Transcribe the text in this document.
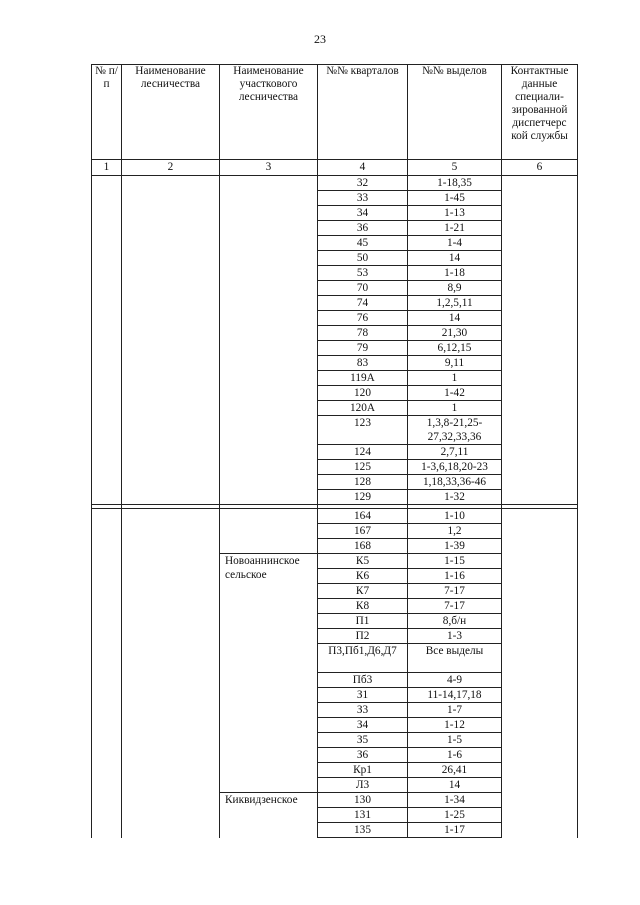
23
№ п/п	Наименование лесничества	Наименование участкового лесничества	№№ кварталов	№№ выделов	Контактные данные специали-зированной диспетчерс кой службы
1	2	3	4	5	6
			32	1-18,35	
			33	1-45	
			34	1-13	
			36	1-21	
			45	1-4	
			50	14	
			53	1-18	
			70	8,9	
			74	1,2,5,11	
			76	14	
			78	21,30	
			79	6,12,15	
			83	9,11	
			119А	1	
			120	1-42	
			120А	1	
			123	1,3,8-21,25-27,32,33,36	
			124	2,7,11	
			125	1-3,6,18,20-23	
			128	1,18,33,36-46	
			129	1-32	

			164	1-10	
			167	1,2	
			168	1-39	
		Новоаннинское сельское	К5	1-15	
			К6	1-16	
			К7	7-17	
			К8	7-17	
			П1	8,б/н	
			П2	1-3	
			П3,Пб1,Д6,Д7	Все выделы	
			Пб3	4-9	
			З1	11-14,17,18	
			З3	1-7	
			З4	1-12	
			З5	1-5	
			З6	1-6	
			Кр1	26,41	
			Л3	14	
		Киквидзенское	130	1-34	
			131	1-25	
			135	1-17	
